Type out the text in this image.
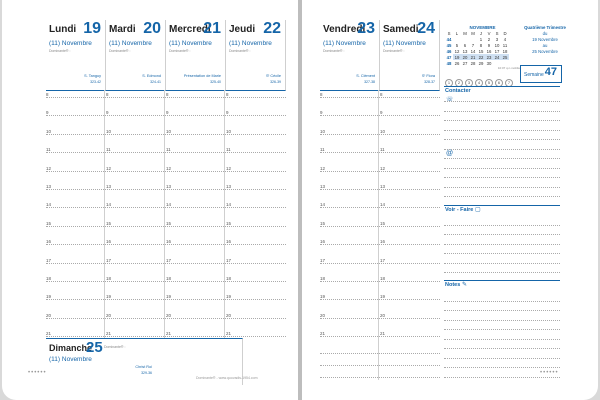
Lundi 19
(11) Novembre
Dominante® :
S. Tanguy
323-42
Mardi 20
(11) Novembre
Dominante® :
S. Edmond
324-41
Mercredi
21
(11) Novembre
Dominante® :
Présentation de Marie
325-40
Jeudi 22
(11) Novembre
Dominante® :
Sᵗ Cécile
326-39
Vendredi
23
(11) Novembre
Dominante® :
S. Clément
327-38
Samedi
24
(11) Novembre
Dominante® :
Sᵗ Flora
328-37
8	8	8	8	8	8
9	9	9	9	9	9
10	10	10	10	10	10
11	11	11	11	11	11
12	12	12	12	12	12
13	13	13	13	13	13
14	14	14	14	14	14
15	15	15	15	15	15
16	16	16	16	16	16
17	17	17	17	17	17
18	18	18	18	18	18
19	19	19	19	19	19
20	20	20	20	20	20
21	21	21	21	21	21
Dimanche
25
(11) Novembre
Dominante® :
Christ Roi
329-36
Dominante® - www.quovadis-1954.com
NOVEMBRE
S	L	M	M	J	V	S	D
44				1	2	3	4
45	5	6	7	8	9	10	11
46	12	13	14	15	16	17	18
47	19	20	21	22	23	24	25
48	26	27	28	29	30		
10:07 q.n.mobile
1 2 3 4 5 6 7
Quatrième Trimestre
du
19 Novembre
au
25 Novembre
Semaine 47
Contacter
☏
@
Voir - Faire ▢
Notes ✎
••••••	••••••
